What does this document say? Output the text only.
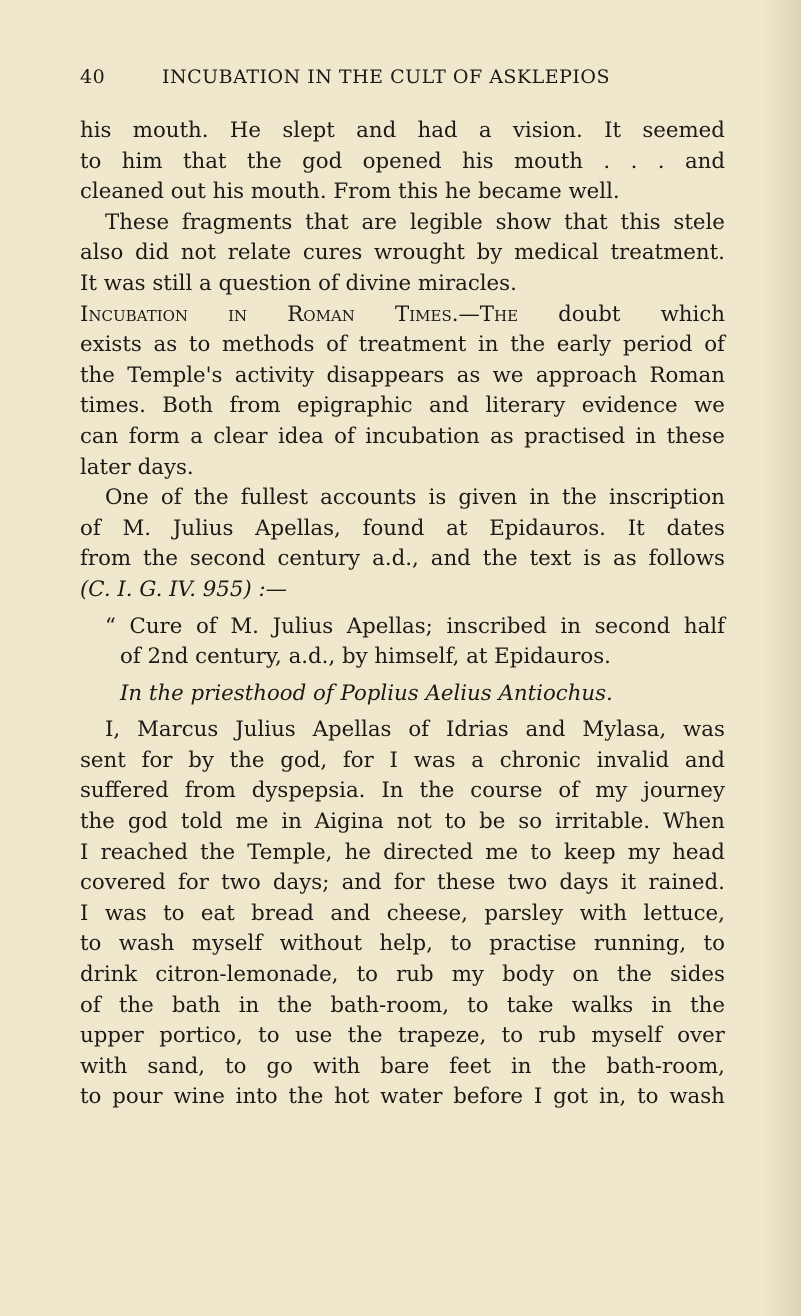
40	INCUBATION IN THE CULT OF ASKLEPIOS
his mouth. He slept and had a vision. It seemed
to him that the god opened his mouth . . . and
cleaned out his mouth. From this he became well.
These fragments that are legible show that this stele
also did not relate cures wrought by medical treatment.
It was still a question of divine miracles.
Incubation in Roman Times.—The doubt which
exists as to methods of treatment in the early period of
the Temple's activity disappears as we approach Roman
times. Both from epigraphic and literary evidence we
can form a clear idea of incubation as practised in these
later days.
One of the fullest accounts is given in the inscription
of M. Julius Apellas, found at Epidauros. It dates
from the second century a.d., and the text is as follows
(C. I. G. IV. 955) :—
“ Cure of M. Julius Apellas; inscribed in second half
of 2nd century, a.d., by himself, at Epidauros.
In the priesthood of Poplius Aelius Antiochus.
I, Marcus Julius Apellas of Idrias and Mylasa, was
sent for by the god, for I was a chronic invalid and
suffered from dyspepsia. In the course of my journey
the god told me in Aigina not to be so irritable. When
I reached the Temple, he directed me to keep my head
covered for two days; and for these two days it rained.
I was to eat bread and cheese, parsley with lettuce,
to wash myself without help, to practise running, to
drink citron-lemonade, to rub my body on the sides
of the bath in the bath-room, to take walks in the
upper portico, to use the trapeze, to rub myself over
with sand, to go with bare feet in the bath-room,
to pour wine into the hot water before I got in, to wash
